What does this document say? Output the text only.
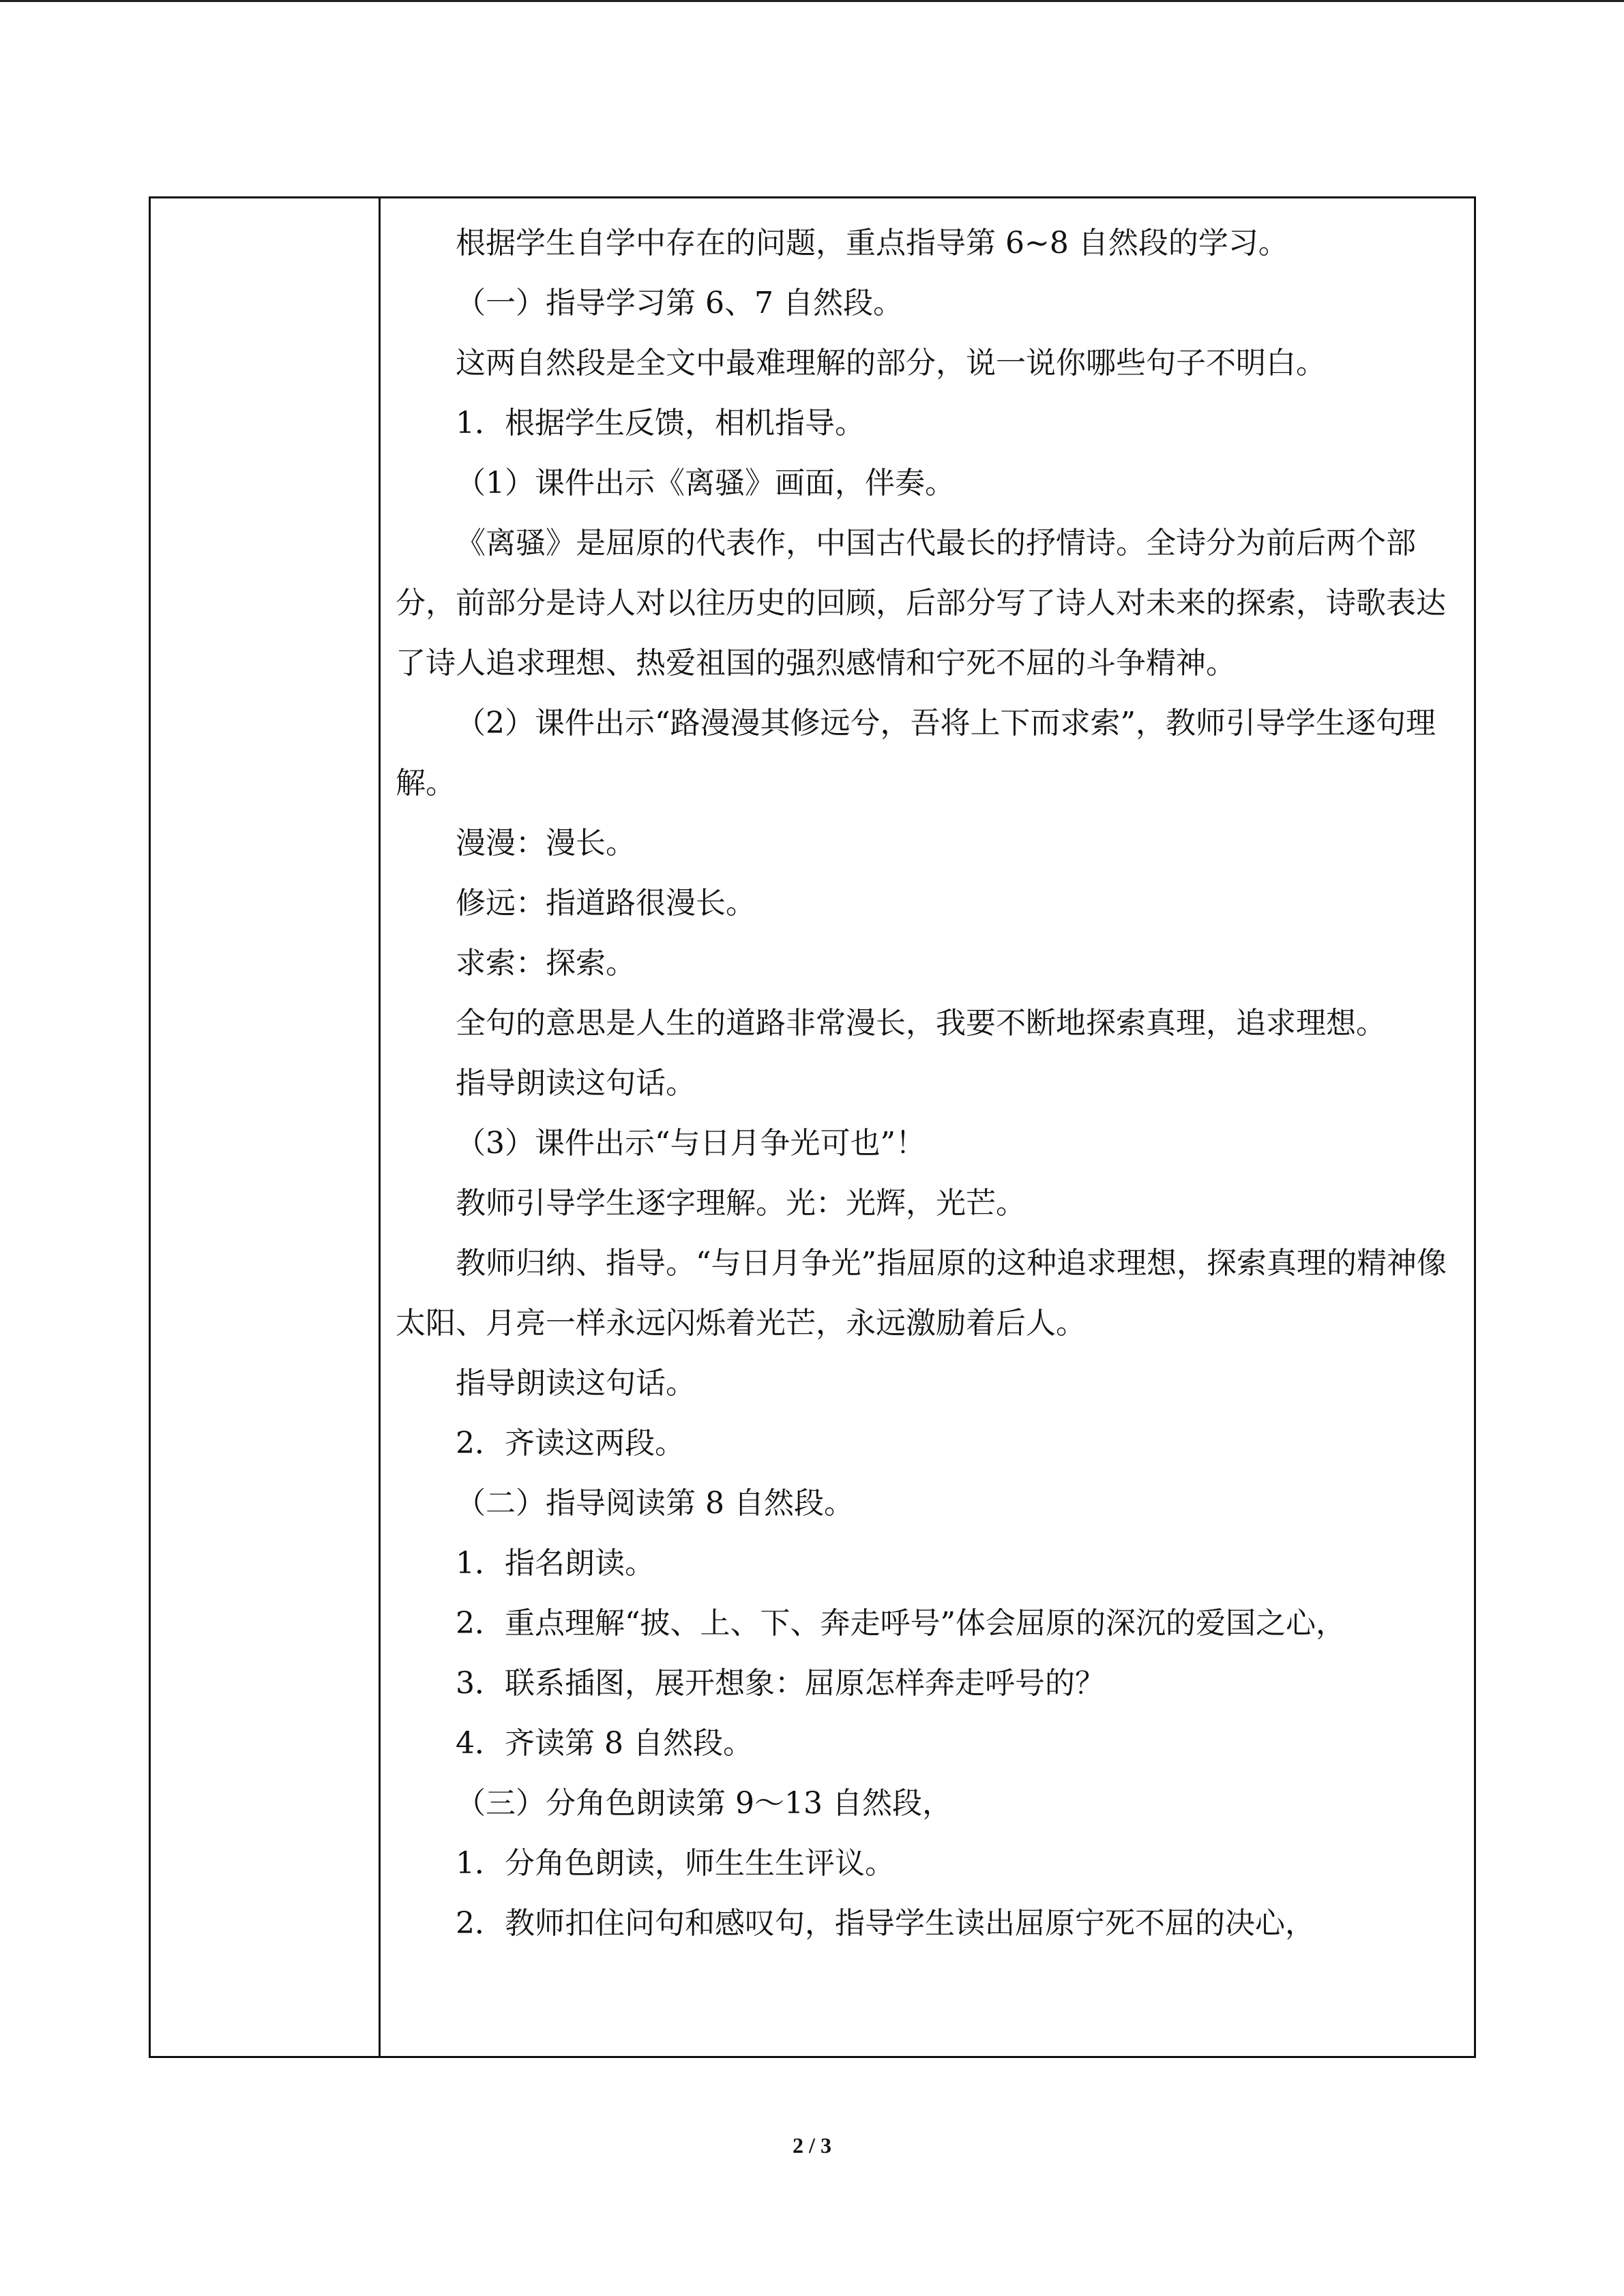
根据学生自学中存在的问题，重点指导第 6~8 自然段的学习。

（一）指导学习第 6、7 自然段。

这两自然段是全文中最难理解的部分，说一说你哪些句子不明白。

1．根据学生反馈，相机指导。

（1）课件出示《离骚》画面，伴奏。

《离骚》是屈原的代表作，中国古代最长的抒情诗。全诗分为前后两个部分，前部分是诗人对以往历史的回顾，后部分写了诗人对未来的探索，诗歌表达了诗人追求理想、热爱祖国的强烈感情和宁死不屈的斗争精神。

（2）课件出示“路漫漫其修远兮，吾将上下而求索”，教师引导学生逐句理解。

漫漫：漫长。

修远：指道路很漫长。

求索：探索。

全句的意思是人生的道路非常漫长，我要不断地探索真理，追求理想。

指导朗读这句话。

（3）课件出示“与日月争光可也”！

教师引导学生逐字理解。光：光辉，光芒。

教师归纳、指导。“与日月争光”指屈原的这种追求理想，探索真理的精神像太阳、月亮一样永远闪烁着光芒，永远激励着后人。

指导朗读这句话。

2．齐读这两段。

（二）指导阅读第 8 自然段。

1．指名朗读。

2．重点理解“披、上、下、奔走呼号”体会屈原的深沉的爱国之心，

3．联系插图，展开想象：屈原怎样奔走呼号的？

4．齐读第 8 自然段。

（三）分角色朗读第 9～13 自然段，

1．分角色朗读，师生生生评议。

2．教师扣住问句和感叹句，指导学生读出屈原宁死不屈的决心，

2 / 3
